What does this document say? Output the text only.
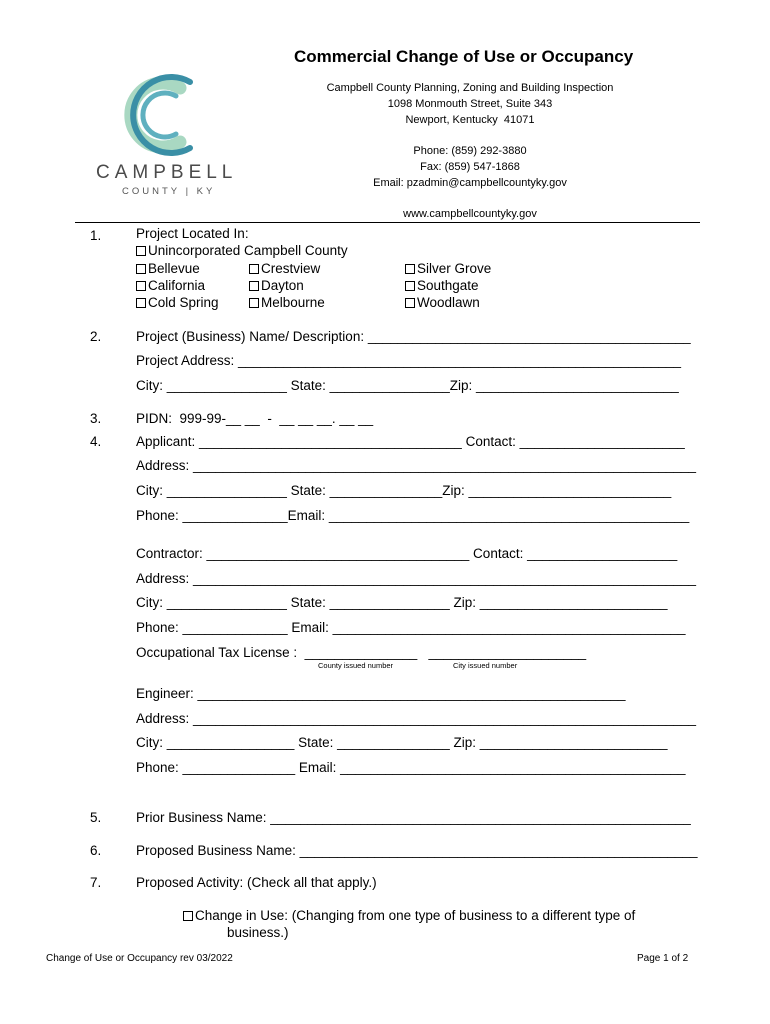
CAMPBELL
COUNTY | KY
Commercial Change of Use or Occupancy
Campbell County Planning, Zoning and Building Inspection
1098 Monmouth Street, Suite 343
Newport, Kentucky  41071
Phone: (859) 292-3880
Fax: (859) 547-1868
Email: pzadmin@campbellcountyky.gov
www.campbellcountyky.gov
1.	Project Located In:
Unincorporated Campbell County
Bellevue	Crestview	Silver Grove
California	Dayton	Southgate
Cold Spring	Melbourne	Woodlawn
2.	Project (Business) Name/ Description: ___________________________________________
Project Address: ___________________________________________________________
City: ________________ State: ________________Zip: ___________________________
3.	PIDN:  999-99-__ __  -  __ __ __. __ __
4.	Applicant: ___________________________________ Contact: ______________________
Address: ___________________________________________________________________
City: ________________ State: _______________Zip: ___________________________
Phone: ______________Email: ________________________________________________
Contractor: ___________________________________ Contact: ____________________
Address: ___________________________________________________________________
City: ________________ State: ________________ Zip: _________________________
Phone: ______________ Email: _______________________________________________
Occupational Tax License :  _______________   _____________________
County issued number	City issued number
Engineer: _________________________________________________________
Address: ___________________________________________________________________
City: _________________ State: _______________ Zip: _________________________
Phone: _______________ Email: ______________________________________________
5.	Prior Business Name: ________________________________________________________
6.	Proposed Business Name: _____________________________________________________
7.	Proposed Activity: (Check all that apply.)
Change in Use: (Changing from one type of business to a different type of
business.)
Change of Use or Occupancy rev 03/2022	Page 1 of 2
